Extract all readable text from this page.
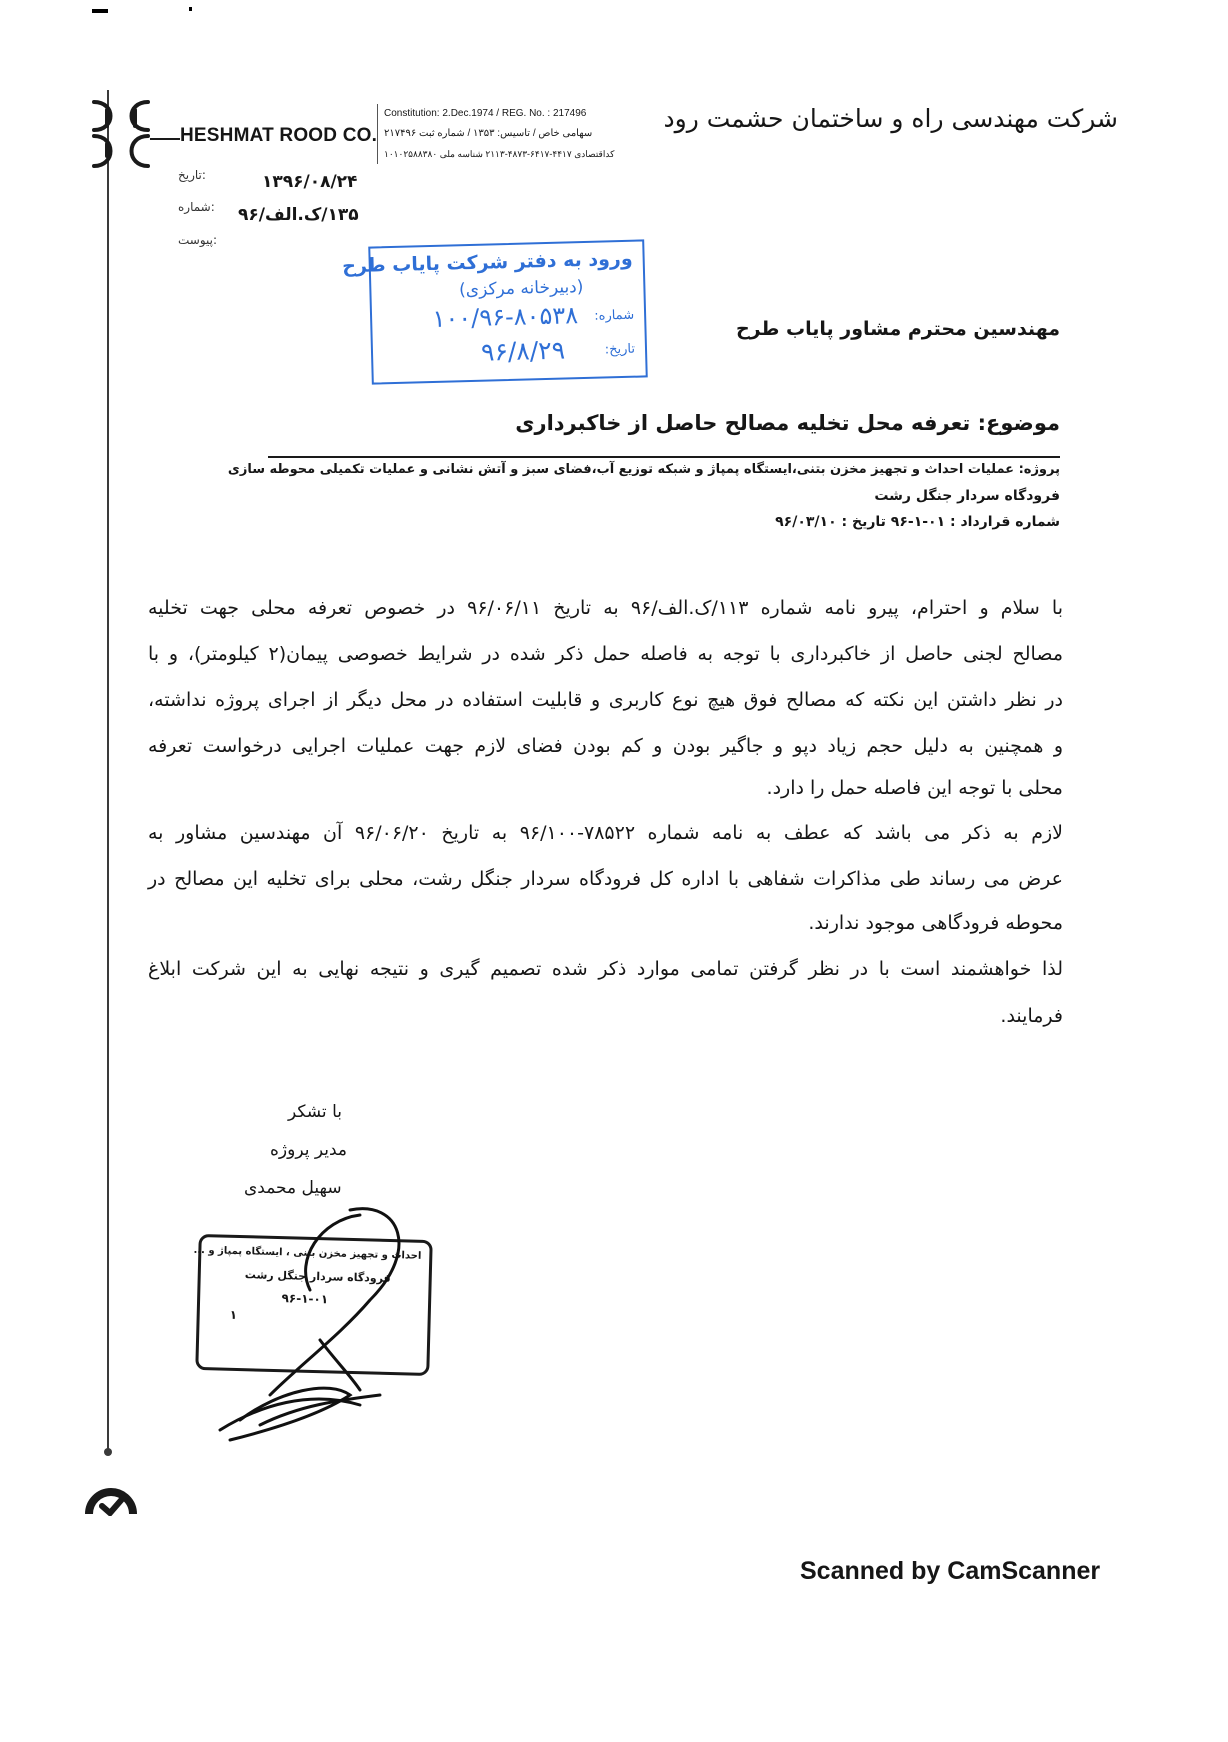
HESHMAT ROOD CO.
Constitution: 2.Dec.1974 / REG. No. : 217496
سهامی خاص / تاسیس: ۱۳۵۳ / شماره ثبت ۲۱۷۴۹۶
کداقتصادی ۴۴۱۷-۶۴۱۷-۴۸۷۳-۲۱۱۳ شناسه ملی ۱۰۱۰۲۵۸۸۳۸۰
شرکت مهندسی راه و ساختمان حشمت رود
:تاریخ	۱۳۹۶/۰۸/۲۴
:شماره	۱۳۵/ک.الف/۹۶
:پیوست
ورود به دفتر شرکت پایاب طرح
(دبیرخانه مرکزی)
شماره:
۱۰۰/۹۶-۸۰۵۳۸
تاریخ:
۹۶/۸/۲۹
مهندسین محترم مشاور پایاب طرح
موضوع: تعرفه محل تخلیه مصالح حاصل از خاکبرداری
پروژه: عملیات احداث و تجهیز مخزن بتنی،ایستگاه پمپاژ و شبکه توزیع آب،فضای سبز و آتش نشانی و عملیات تکمیلی محوطه سازی
فرودگاه سردار جنگل رشت
شماره قرارداد : ۰۱-۱-۹۶ تاریخ : ۹۶/۰۳/۱۰
با سلام و احترام، پیرو نامه شماره ۱۱۳/ک.الف/۹۶ به تاریخ ۹۶/۰۶/۱۱ در خصوص تعرفه محلی جهت تخلیه
مصالح لجنی حاصل از خاکبرداری با توجه به فاصله حمل ذکر شده در شرایط خصوصی پیمان(۲ کیلومتر)، و با
در نظر داشتن این نکته که مصالح فوق هیچ نوع کاربری و قابلیت استفاده در محل دیگر از اجرای پروژه نداشته،
و همچنین به دلیل حجم زیاد دپو و جاگیر بودن و کم بودن فضای لازم جهت عملیات اجرایی درخواست تعرفه
محلی با توجه این فاصله حمل را دارد.
لازم به ذکر می باشد که عطف به نامه شماره ۷۸۵۲۲-۹۶/۱۰۰ به تاریخ ۹۶/۰۶/۲۰ آن مهندسین مشاور به
عرض می رساند طی مذاکرات شفاهی با اداره کل فرودگاه سردار جنگل رشت، محلی برای تخلیه این مصالح در
محوطه فرودگاهی موجود ندارند.
لذا خواهشمند است با در نظر گرفتن تمامی موارد ذکر شده تصمیم گیری و نتیجه نهایی به این شرکت ابلاغ
فرمایند.
با تشکر
مدیر پروژه
سهیل محمدی
احداث و تجهیز مخزن بتنی ، ایستگاه پمپاژ و ...
فرودگاه سردار جنگل رشت
۹۶-۱-۰۱
۱
Scanned by CamScanner
